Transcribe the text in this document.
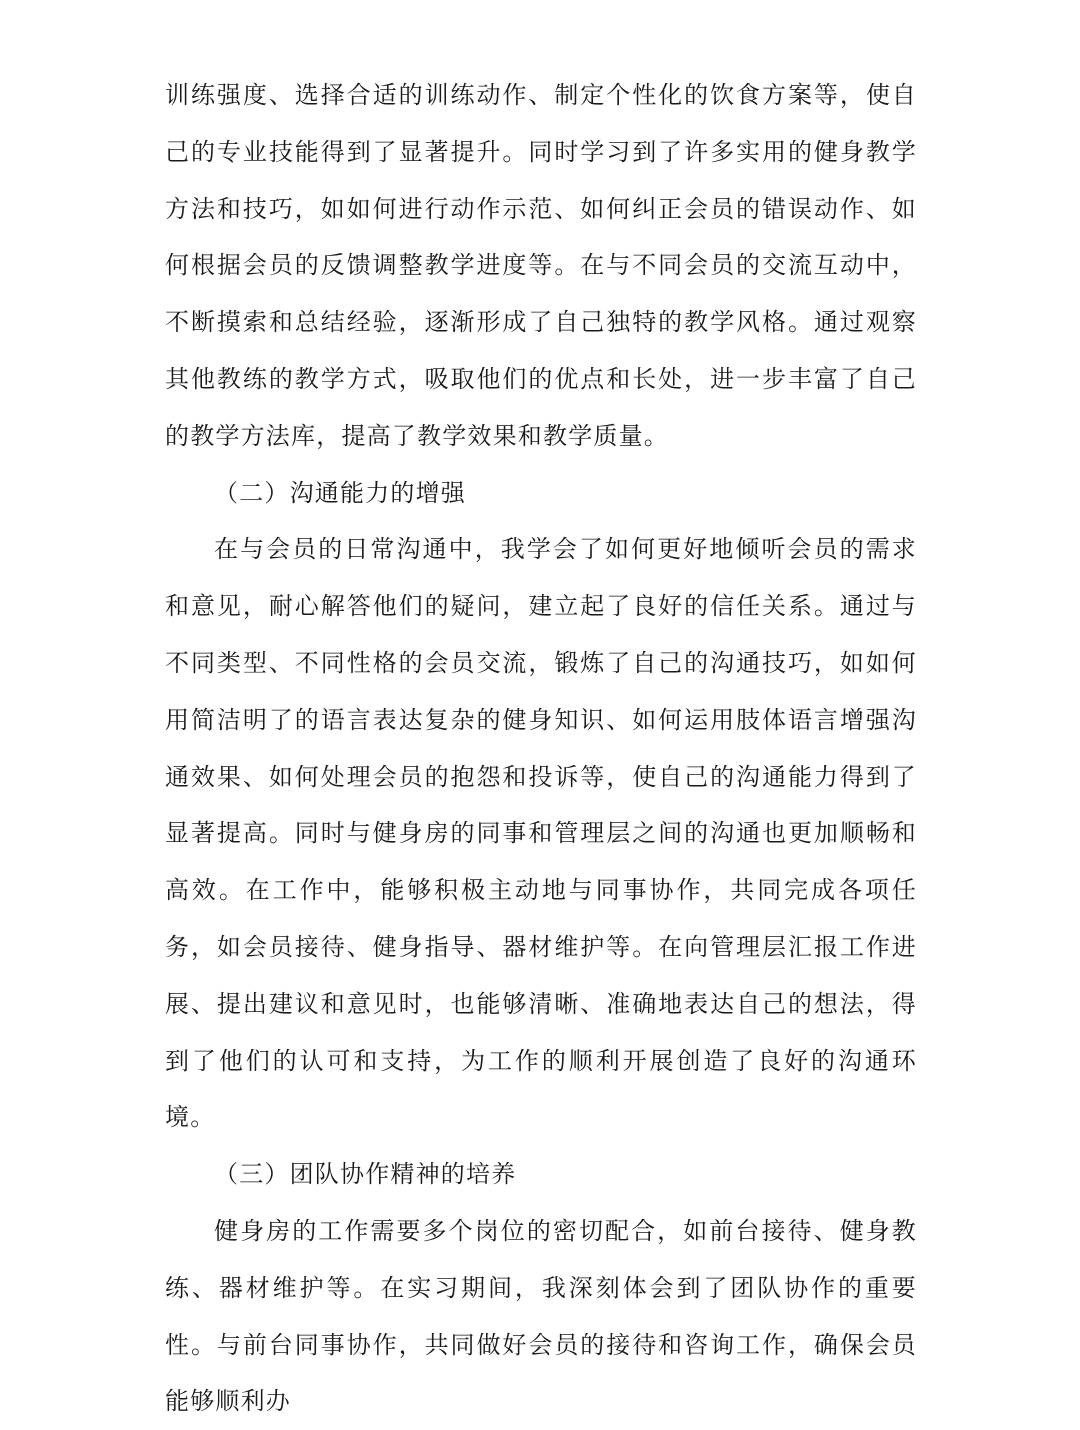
训练强度、选择合适的训练动作、制定个性化的饮食方案等，使自己的专业技能得到了显著提升。同时学习到了许多实用的健身教学方法和技巧，如如何进行动作示范、如何纠正会员的错误动作、如何根据会员的反馈调整教学进度等。在与不同会员的交流互动中，不断摸索和总结经验，逐渐形成了自己独特的教学风格。通过观察其他教练的教学方式，吸取他们的优点和长处，进一步丰富了自己的教学方法库，提高了教学效果和教学质量。

（二）沟通能力的增强

在与会员的日常沟通中，我学会了如何更好地倾听会员的需求和意见，耐心解答他们的疑问，建立起了良好的信任关系。通过与不同类型、不同性格的会员交流，锻炼了自己的沟通技巧，如如何用简洁明了的语言表达复杂的健身知识、如何运用肢体语言增强沟通效果、如何处理会员的抱怨和投诉等，使自己的沟通能力得到了显著提高。同时与健身房的同事和管理层之间的沟通也更加顺畅和高效。在工作中，能够积极主动地与同事协作，共同完成各项任务，如会员接待、健身指导、器材维护等。在向管理层汇报工作进展、提出建议和意见时，也能够清晰、准确地表达自己的想法，得到了他们的认可和支持，为工作的顺利开展创造了良好的沟通环境。

（三）团队协作精神的培养

健身房的工作需要多个岗位的密切配合，如前台接待、健身教练、器材维护等。在实习期间，我深刻体会到了团队协作的重要性。与前台同事协作，共同做好会员的接待和咨询工作，确保会员能够顺利办
